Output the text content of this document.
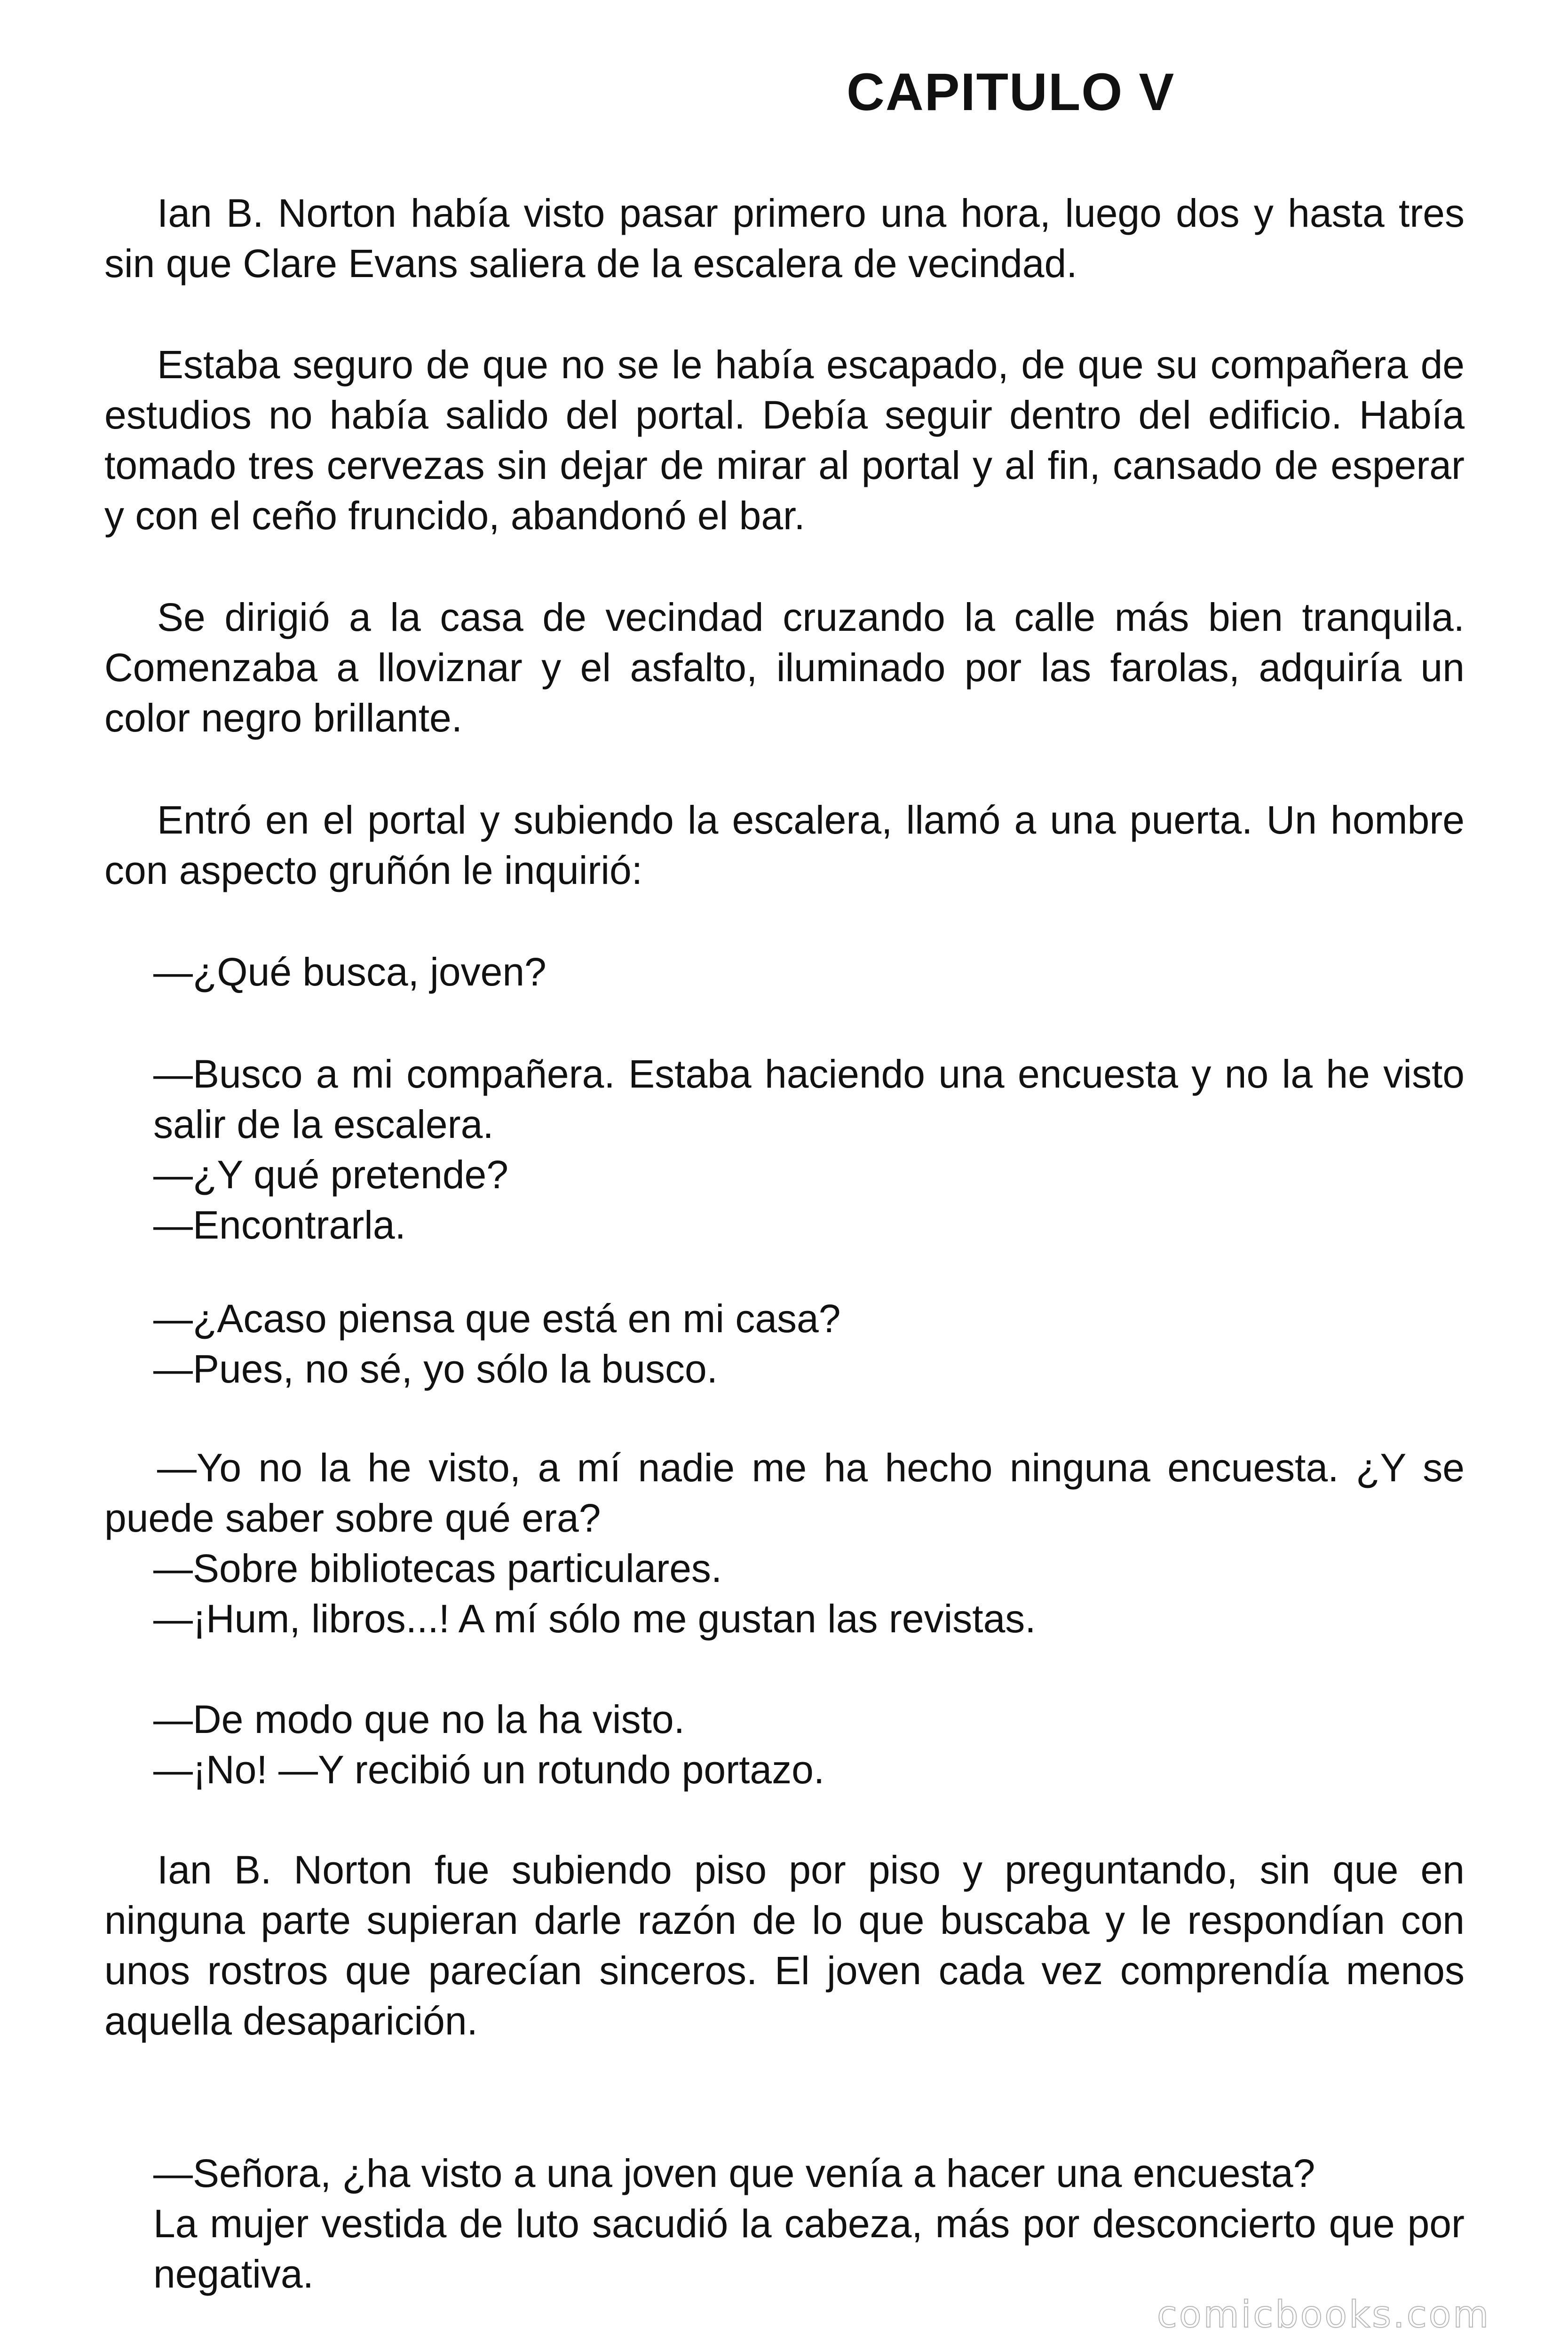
CAPITULO V

Ian B. Norton había visto pasar primero una hora, luego dos y hasta tres sin que Clare Evans saliera de la escalera de vecindad.

Estaba seguro de que no se le había escapado, de que su compañera de estudios no había salido del portal. Debía seguir dentro del edificio. Había tomado tres cervezas sin dejar de mirar al portal y al fin, cansado de esperar y con el ceño fruncido, abandonó el bar.

Se dirigió a la casa de vecindad cruzando la calle más bien tranquila. Comenzaba a lloviznar y el asfalto, iluminado por las farolas, adquiría un color negro brillante.

Entró en el portal y subiendo la escalera, llamó a una puerta. Un hombre con aspecto gruñón le inquirió:

—¿Qué busca, joven?

—Busco a mi compañera. Estaba haciendo una encuesta y no la he visto salir de la escalera.

—¿Y qué pretende?

—Encontrarla.

—¿Acaso piensa que está en mi casa?

—Pues, no sé, yo sólo la busco.

—Yo no la he visto, a mí nadie me ha hecho ninguna encuesta. ¿Y se puede saber sobre qué era?

—Sobre bibliotecas particulares.

—¡Hum, libros...! A mí sólo me gustan las revistas.

—De modo que no la ha visto.

—¡No! —Y recibió un rotundo portazo.

Ian B. Norton fue subiendo piso por piso y preguntando, sin que en ninguna parte supieran darle razón de lo que buscaba y le respondían con unos rostros que parecían sinceros. El joven cada vez comprendía menos aquella desaparición.

—Señora, ¿ha visto a una joven que venía a hacer una encuesta?

La mujer vestida de luto sacudió la cabeza, más por desconcierto que por negativa.

comicbooks.com
